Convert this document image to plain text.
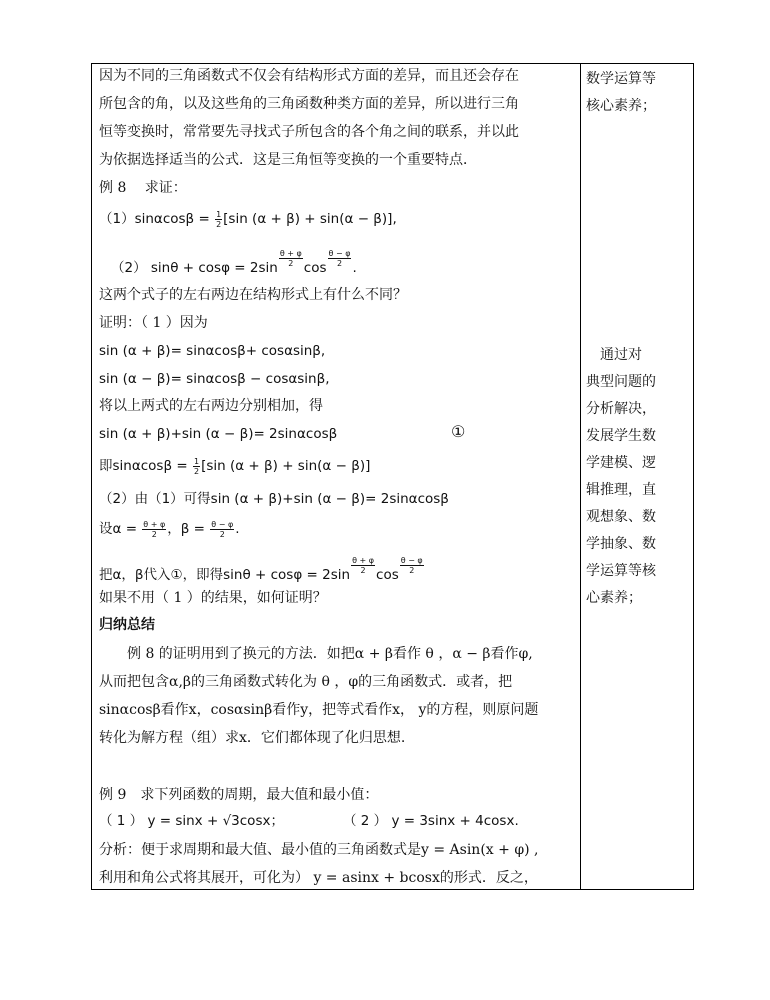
因为不同的三角函数式不仅会有结构形式方面的差异，而且还会存在
所包含的角，以及这些角的三角函数种类方面的差异，所以进行三角
恒等变换时，常常要先寻找式子所包含的各个角之间的联系，并以此
为依据选择适当的公式．这是三角恒等变换的一个重要特点．
例 8　 求证：
$(1)\sin\alpha\cos\beta = \frac{1}{2} [\sin$ (α + β) + sin(α − β)],
（2） $\sin\theta + \cos\varphi = 2\sin \frac{\theta + \varphi}{2}$ $\cos \frac{\theta - \varphi}{2}$ .
这两个式子的左右两边在结构形式上有什么不同？
证明：（ 1 ）因为
sin (α + β)= sinαcosβ+ cosαsinβ,
sin (α − β)= sinαcosβ − cosαsinβ,
将以上两式的左右两边分别相加，得
sin (α + β)+sin (α − β)= 2sinαcosβ	①
即$\sin\alpha\cos\beta = \frac{1}{2} [\sin$ (α + β) + sin(α − β)]
（2）由（1）可得sin (α + β)+sin (α − β)= 2sinαcosβ
设$\alpha = \frac{\theta + \varphi}{2}$ ，$\beta = \frac{\theta - \varphi}{2}$ .
把α，β代入①，即得$\sin\theta + \cos\varphi = 2\sin \frac{\theta + \varphi}{2}$ $\cos \frac{\theta - \varphi}{2}$
如果不用（ 1 ）的结果，如何证明？
归纳总结
例 8 的证明用到了换元的方法．如把α + β看作 θ ，α − β看作φ,
从而把包含α,β的三角函数式转化为 θ ，φ的三角函数式．或者，把
sinαcosβ看作x，cosαsinβ看作y，把等式看作x， y的方程，则原问题
转化为解方程（组）求x．它们都体现了化归思想.
例 9　求下列函数的周期，最大值和最小值：
（ 1 ） y = sinx + √3cosx；	（ 2 ） y = 3sinx + 4cosx.
分析：便于求周期和最大值、最小值的三角函数式是y = Asin(x + φ) ,
利用和角公式将其展开，可化为） y = asinx + bcosx的形式．反之，
数学运算等
核心素养；
　通过对
典型问题的
分析解决，
发展学生数
学建模、逻
辑推理，直
观想象、数
学抽象、数
学运算等核
心素养；
